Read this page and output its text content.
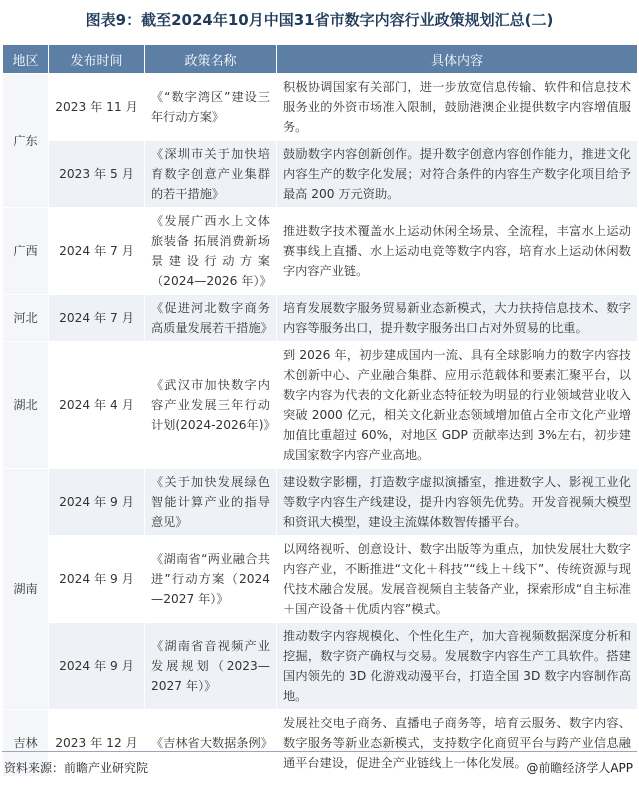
图表9：截至2024年10月中国31省市数字内容行业政策规划汇总(二)
地区	发布时间	政策名称	具体内容
广东	2023 年 11 月	《“数字湾区”建设三年行动方案》	积极协调国家有关部门，进一步放宽信息传输、软件和信息技术服务业的外资市场准入限制，鼓励港澳企业提供数字内容增值服务。
	2023 年 5 月	《深圳市关于加快培育数字创意产业集群的若干措施》	鼓励数字内容创新创作。提升数字创意内容创作能力，推进文化内容生产的数字化发展；对符合条件的内容生产数字化项目给予最高 200 万元资助。
广西	2024 年 7 月	《发展广西水上文体旅装备 拓展消费新场景建设行动方案（2024—2026 年）》	推进数字技术覆盖水上运动休闲全场景、全流程，丰富水上运动赛事线上直播、水上运动电竞等数字内容，培育水上运动休闲数字内容产业链。
河北	2024 年 7 月	《促进河北数字商务高质量发展若干措施》	培育发展数字服务贸易新业态新模式，大力扶持信息技术、数字内容等服务出口，提升数字服务出口占对外贸易的比重。
湖北	2024 年 4 月	《武汉市加快数字内容产业发展三年行动计划(2024-2026年)》	到 2026 年，初步建成国内一流、具有全球影响力的数字内容技术创新中心、产业融合集群、应用示范载体和要素汇聚平台，以数字内容为代表的文化新业态特征较为明显的行业领域营业收入突破 2000 亿元，相关文化新业态领域增加值占全市文化产业增加值比重超过 60%，对地区 GDP 贡献率达到 3%左右，初步建成国家数字内容产业高地。
湖南	2024 年 9 月	《关于加快发展绿色智能计算产业的指导意见》	建设数字影棚，打造数字虚拟演播室，推进数字人、影视工业化等数字内容生产线建设，提升内容领先优势。开发音视频大模型和资讯大模型，建设主流媒体数智传播平台。
	2024 年 9 月	《湖南省“两业融合共进”行动方案（2024—2027 年）》	以网络视听、创意设计、数字出版等为重点，加快发展壮大数字内容产业，不断推进“文化＋科技”“线上＋线下”、传统资源与现代技术融合发展。发展音视频自主装备产业，探索形成“自主标准＋国产设备＋优质内容”模式。
	2024 年 9 月	《湖南省音视频产业发展规划（2023—2027 年）》	推动数字内容规模化、个性化生产，加大音视频数据深度分析和挖掘，数字资产确权与交易。发展数字内容生产工具软件。搭建国内领先的 3D 化游戏动漫平台，打造全国 3D 数字内容制作高地。
吉林	2023 年 12 月	《吉林省大数据条例》	发展社交电子商务、直播电子商务等，培育云服务、数字内容、数字服务等新业态新模式，支持数字化商贸平台与跨产业信息融通平台建设，促进全产业链线上一体化发展。
资料来源：前瞻产业研究院	@前瞻经济学人APP
